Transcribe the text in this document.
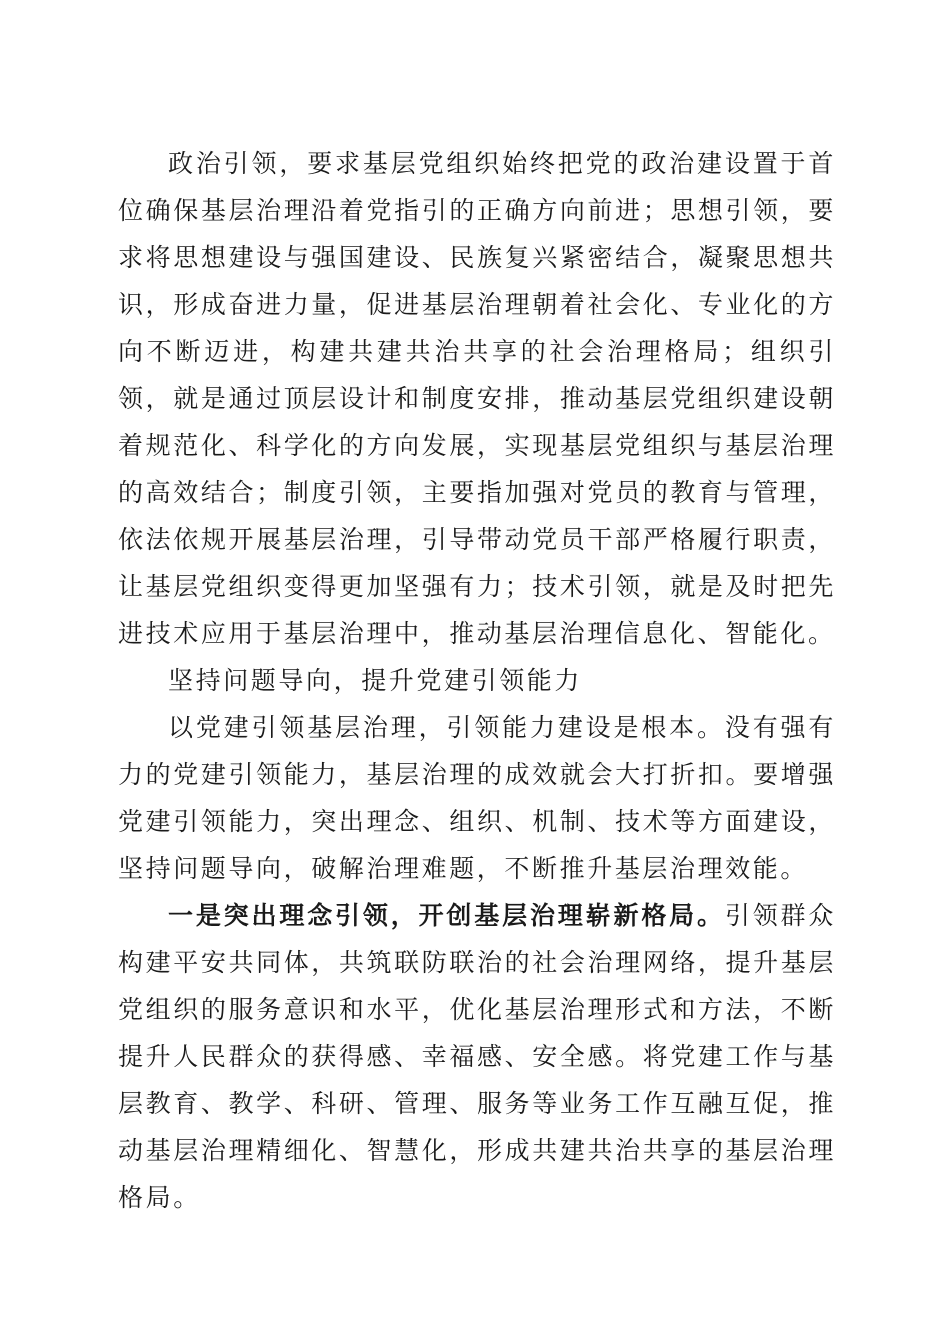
政治引领，要求基层党组织始终把党的政治建设置于首位确保基层治理沿着党指引的正确方向前进；思想引领，要求将思想建设与强国建设、民族复兴紧密结合，凝聚思想共识，形成奋进力量，促进基层治理朝着社会化、专业化的方向不断迈进，构建共建共治共享的社会治理格局；组织引领，就是通过顶层设计和制度安排，推动基层党组织建设朝着规范化、科学化的方向发展，实现基层党组织与基层治理的高效结合；制度引领，主要指加强对党员的教育与管理，依法依规开展基层治理，引导带动党员干部严格履行职责，让基层党组织变得更加坚强有力；技术引领，就是及时把先进技术应用于基层治理中，推动基层治理信息化、智能化。

坚持问题导向，提升党建引领能力

以党建引领基层治理，引领能力建设是根本。没有强有力的党建引领能力，基层治理的成效就会大打折扣。要增强党建引领能力，突出理念、组织、机制、技术等方面建设，坚持问题导向，破解治理难题，不断推升基层治理效能。

一是突出理念引领，开创基层治理崭新格局。引领群众构建平安共同体，共筑联防联治的社会治理网络，提升基层党组织的服务意识和水平，优化基层治理形式和方法，不断提升人民群众的获得感、幸福感、安全感。将党建工作与基层教育、教学、科研、管理、服务等业务工作互融互促，推动基层治理精细化、智慧化，形成共建共治共享的基层治理格局。
